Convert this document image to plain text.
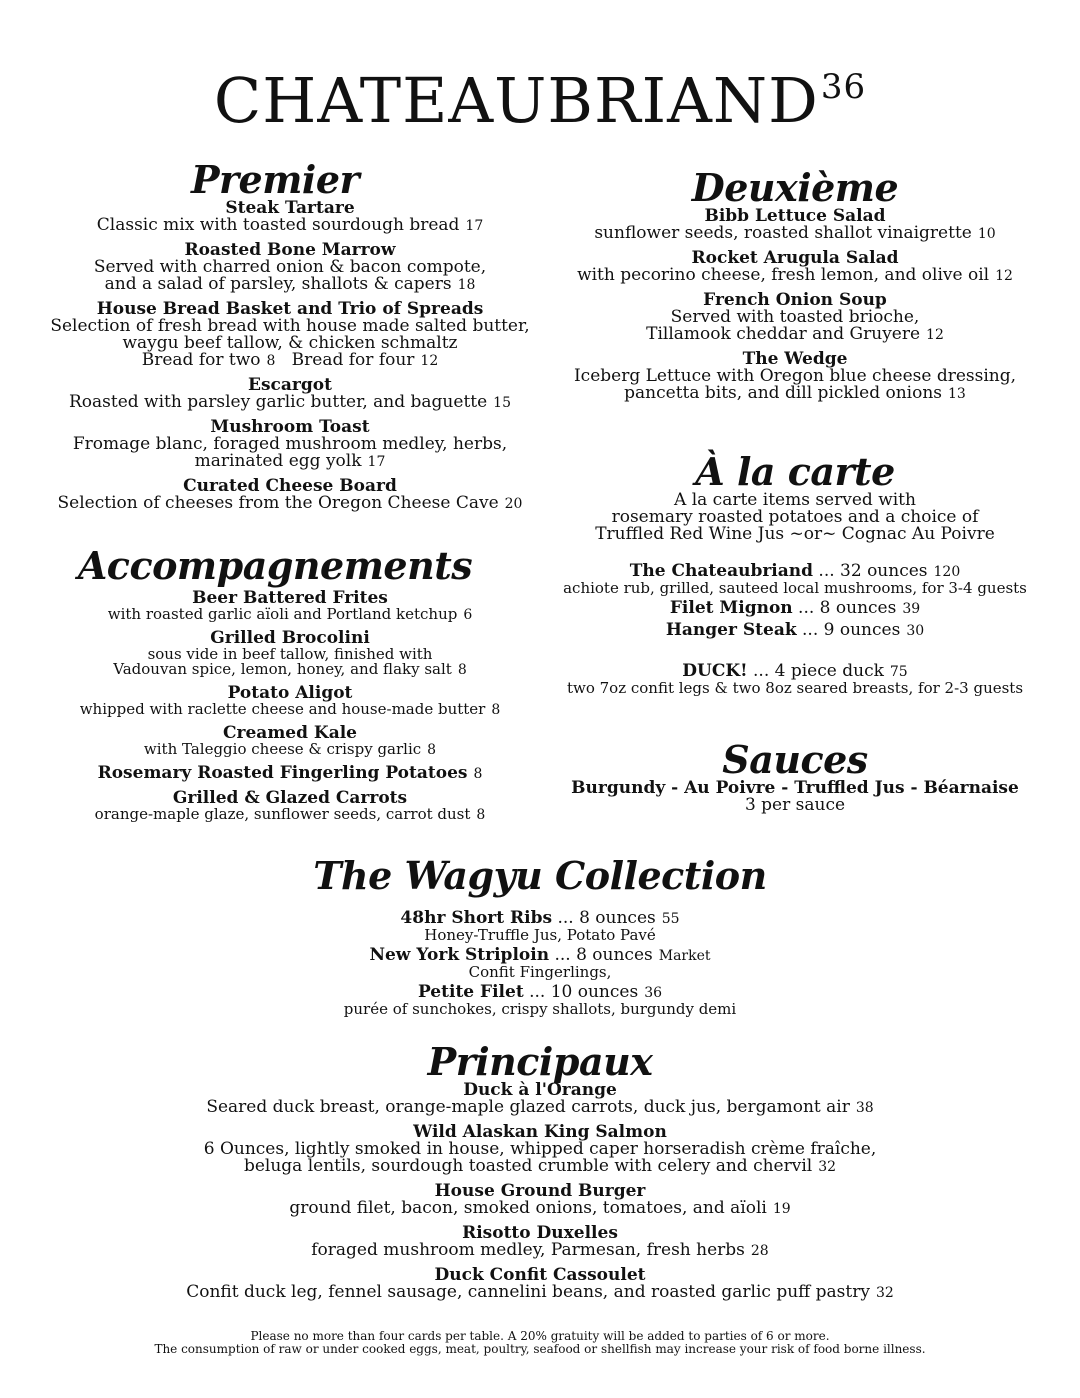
CHATEAUBRIAND$^{36}$
Premier
Steak Tartare
Classic mix with toasted sourdough bread 17
Roasted Bone Marrow
Served with charred onion & bacon compote,
and a salad of parsley, shallots & capers 18
House Bread Basket and Trio of Spreads
Selection of fresh bread with house made salted butter,
waygu beef tallow, & chicken schmaltz
Bread for two 8 Bread for four 12
Escargot
Roasted with parsley garlic butter, and baguette 15
Mushroom Toast
Fromage blanc, foraged mushroom medley, herbs,
marinated egg yolk 17
Curated Cheese Board
Selection of cheeses from the Oregon Cheese Cave 20
Accompagnements
Beer Battered Frites
with roasted garlic aïoli and Portland ketchup 6
Grilled Brocolini
sous vide in beef tallow, finished with
Vadouvan spice, lemon, honey, and flaky salt 8
Potato Aligot
whipped with raclette cheese and house-made butter 8
Creamed Kale
with Taleggio cheese & crispy garlic 8
Rosemary Roasted Fingerling Potatoes 8
Grilled & Glazed Carrots
orange-maple glaze, sunflower seeds, carrot dust 8
Deuxième
Bibb Lettuce Salad
sunflower seeds, roasted shallot vinaigrette 10
Rocket Arugula Salad
with pecorino cheese, fresh lemon, and olive oil 12
French Onion Soup
Served with toasted brioche,
Tillamook cheddar and Gruyere 12
The Wedge
Iceberg Lettuce with Oregon blue cheese dressing,
pancetta bits, and dill pickled onions 13
À la carte
A la carte items served with
rosemary roasted potatoes and a choice of
Truffled Red Wine Jus ~or~ Cognac Au Poivre
The Chateaubriand ... 32 ounces 120
achiote rub, grilled, sauteed local mushrooms, for 3-4 guests
Filet Mignon ... 8 ounces 39
Hanger Steak ... 9 ounces 30
DUCK! ... 4 piece duck 75
two 7oz confit legs & two 8oz seared breasts, for 2-3 guests
Sauces
Burgundy - Au Poivre - Truffled Jus - Béarnaise
3 per sauce
The Wagyu Collection
48hr Short Ribs ... 8 ounces 55
Honey-Truffle Jus, Potato Pavé
New York Striploin ... 8 ounces Market
Confit Fingerlings,
Petite Filet ... 10 ounces 36
purée of sunchokes, crispy shallots, burgundy demi
Principaux
Duck à l'Orange
Seared duck breast, orange-maple glazed carrots, duck jus, bergamont air 38
Wild Alaskan King Salmon
6 Ounces, lightly smoked in house, whipped caper horseradish crème fraîche,
beluga lentils, sourdough toasted crumble with celery and chervil 32
House Ground Burger
ground filet, bacon, smoked onions, tomatoes, and aïoli 19
Risotto Duxelles
foraged mushroom medley, Parmesan, fresh herbs 28
Duck Confit Cassoulet
Confit duck leg, fennel sausage, cannelini beans, and roasted garlic puff pastry 32
Please no more than four cards per table. A 20% gratuity will be added to parties of 6 or more.
The consumption of raw or under cooked eggs, meat, poultry, seafood or shellfish may increase your risk of food borne illness.
